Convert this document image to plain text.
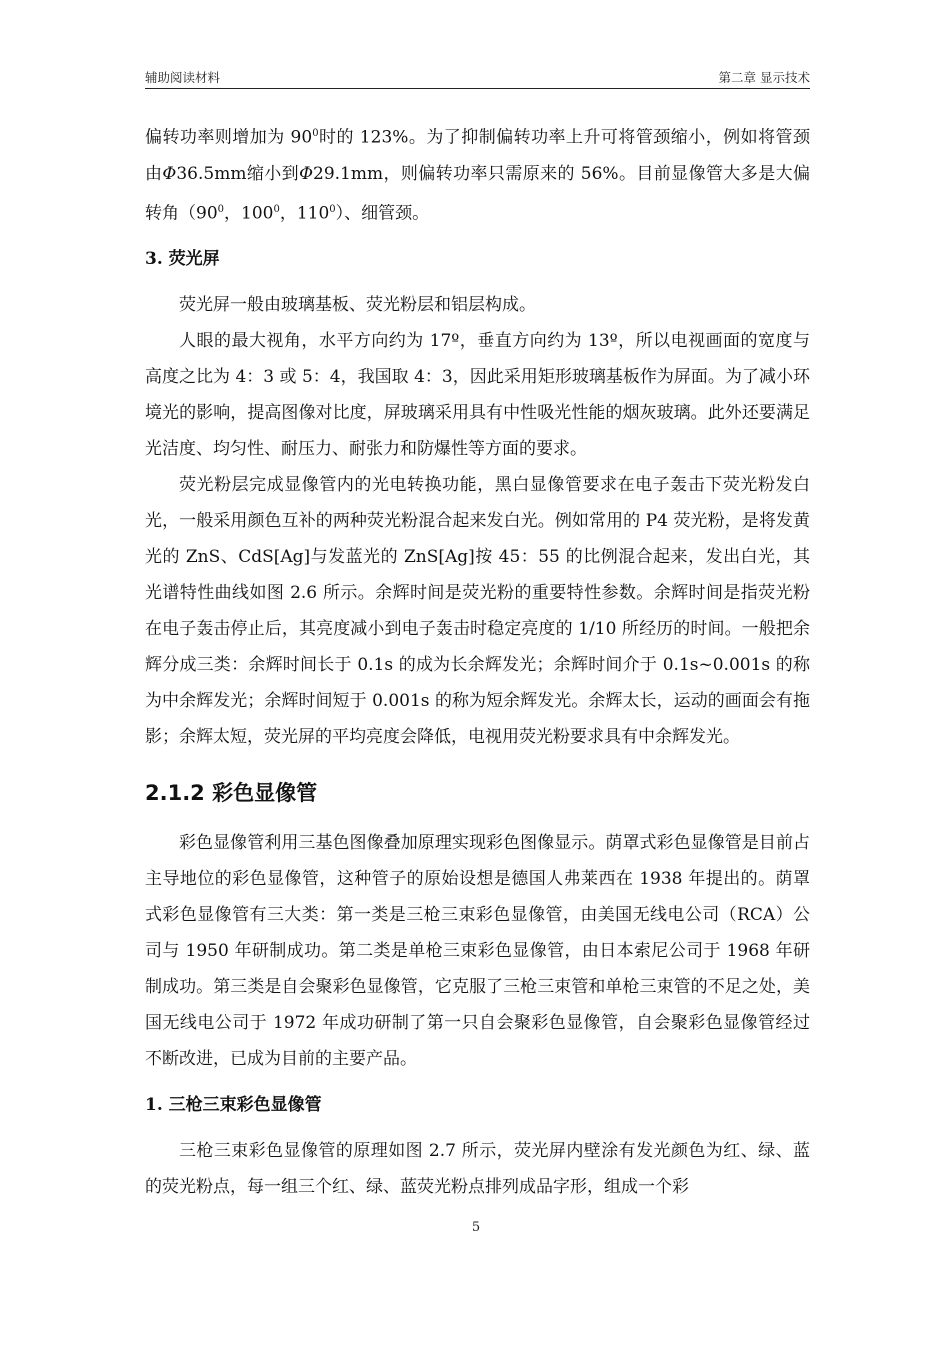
辅助阅读材料	第二章 显示技术

偏转功率则增加为 $90^0$时的 123%。为了抑制偏转功率上升可将管颈缩小，例如将管颈由Φ36.5mm缩小到Φ29.1mm，则偏转功率只需原来的 56%。目前显像管大多是大偏转角（$90^0$，$100^0$，$110^0$）、细管颈。

3. 荧光屏

荧光屏一般由玻璃基板、荧光粉层和铝层构成。

人眼的最大视角，水平方向约为 17º，垂直方向约为 13º，所以电视画面的宽度与高度之比为 4：3 或 5：4，我国取 4：3，因此采用矩形玻璃基板作为屏面。为了减小环境光的影响，提高图像对比度，屏玻璃采用具有中性吸光性能的烟灰玻璃。此外还要满足光洁度、均匀性、耐压力、耐张力和防爆性等方面的要求。

荧光粉层完成显像管内的光电转换功能，黑白显像管要求在电子轰击下荧光粉发白光，一般采用颜色互补的两种荧光粉混合起来发白光。例如常用的 P4 荧光粉，是将发黄光的 ZnS、CdS[Ag]与发蓝光的 ZnS[Ag]按 45：55 的比例混合起来，发出白光，其光谱特性曲线如图 2.6 所示。余辉时间是荧光粉的重要特性参数。余辉时间是指荧光粉在电子轰击停止后，其亮度减小到电子轰击时稳定亮度的 1/10 所经历的时间。一般把余辉分成三类：余辉时间长于 0.1s 的成为长余辉发光；余辉时间介于 0.1s~0.001s 的称为中余辉发光；余辉时间短于 0.001s 的称为短余辉发光。余辉太长，运动的画面会有拖影；余辉太短，荧光屏的平均亮度会降低，电视用荧光粉要求具有中余辉发光。

2.1.2 彩色显像管

彩色显像管利用三基色图像叠加原理实现彩色图像显示。荫罩式彩色显像管是目前占主导地位的彩色显像管，这种管子的原始设想是德国人弗莱西在 1938 年提出的。荫罩式彩色显像管有三大类：第一类是三枪三束彩色显像管，由美国无线电公司（RCA）公司与 1950 年研制成功。第二类是单枪三束彩色显像管，由日本索尼公司于 1968 年研制成功。第三类是自会聚彩色显像管，它克服了三枪三束管和单枪三束管的不足之处，美国无线电公司于 1972 年成功研制了第一只自会聚彩色显像管，自会聚彩色显像管经过不断改进，已成为目前的主要产品。

1. 三枪三束彩色显像管

三枪三束彩色显像管的原理如图 2.7 所示，荧光屏内壁涂有发光颜色为红、绿、蓝的荧光粉点，每一组三个红、绿、蓝荧光粉点排列成品字形，组成一个彩

5
